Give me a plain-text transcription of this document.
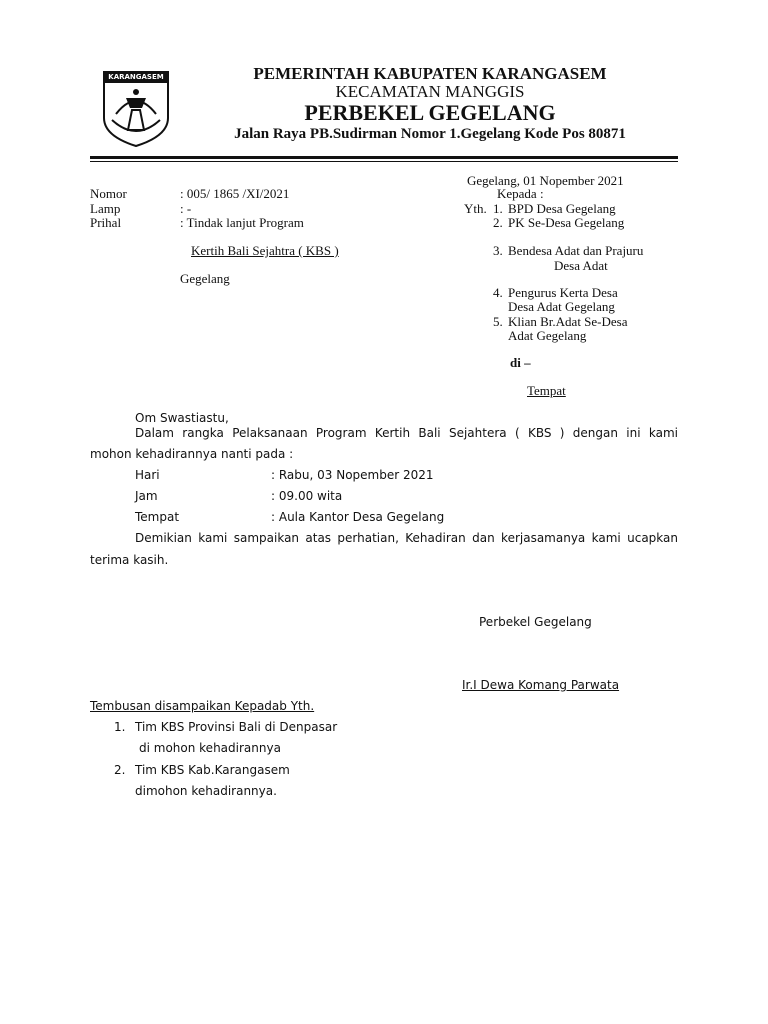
KARANGASEM	PEMERINTAH KABUPATEN KARANGASEM
KECAMATAN MANGGIS
PERBEKEL GEGELANG
Jalan Raya PB.Sudirman Nomor 1.Gegelang Kode Pos 80871
Nomor	: 005/ 1865 /XI/2021
Lamp	: -
Prihal	: Tindak lanjut Program
Kertih Bali Sejahtra ( KBS )
Gegelang
Gegelang, 01 Nopember 2021
Kepada :
Yth. 1. BPD Desa Gegelang
2. PK Se-Desa Gegelang
3. Bendesa Adat dan Prajuru
Desa Adat
4. Pengurus Kerta Desa
Desa Adat Gegelang
5. Klian Br.Adat Se-Desa
Adat Gegelang
di –
Tempat
Om Swastiastu,
Dalam rangka Pelaksanaan Program Kertih Bali Sejahtera ( KBS ) dengan ini kami
mohon kehadirannya nanti pada :
Hari	: Rabu, 03 Nopember 2021
Jam	: 09.00 wita
Tempat	: Aula Kantor Desa Gegelang
Demikian kami sampaikan atas perhatian, Kehadiran dan kerjasamanya kami ucapkan
terima kasih.
Perbekel Gegelang
Ir.I Dewa Komang Parwata
Tembusan disampaikan Kepadab Yth.
1. Tim KBS Provinsi Bali di Denpasar
di mohon kehadirannya
2. Tim KBS Kab.Karangasem
dimohon kehadirannya.
